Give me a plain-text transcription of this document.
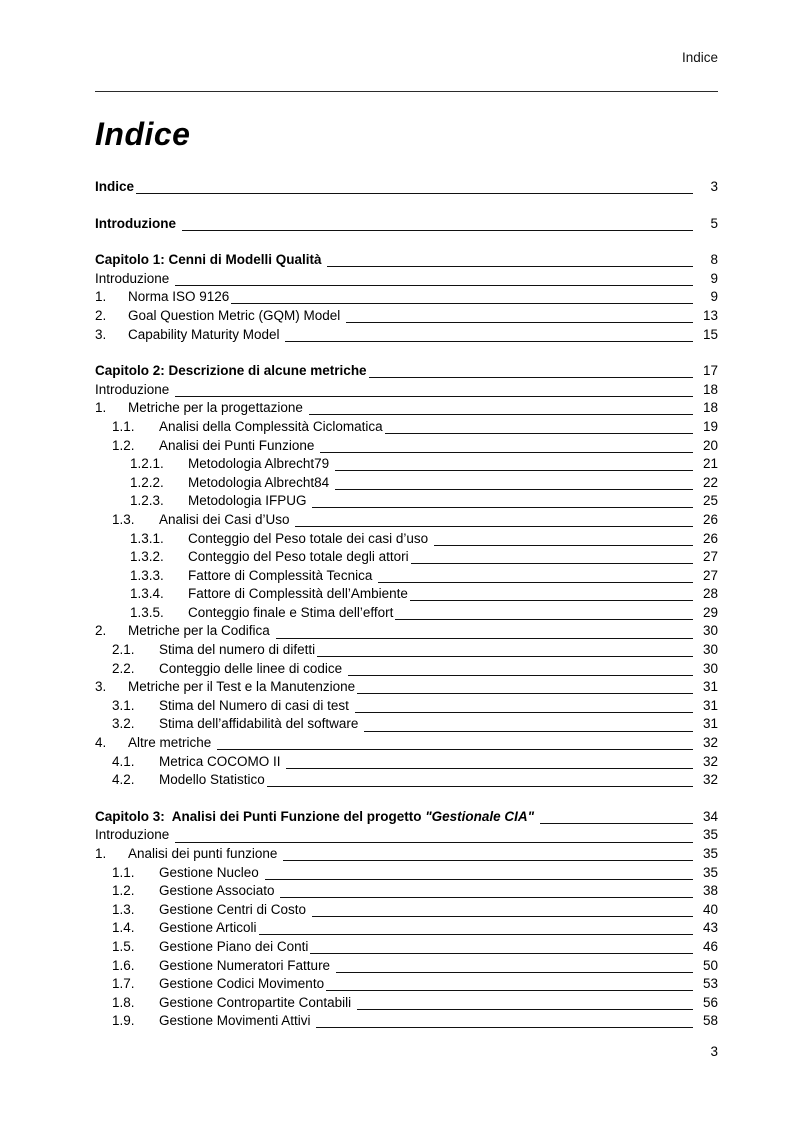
Indice
Indice
Indice	3
Introduzione	5
Capitolo 1: Cenni di Modelli Qualità	8
Introduzione	9
1.	Norma ISO 9126	9
2.	Goal Question Metric (GQM) Model	13
3.	Capability Maturity Model	15
Capitolo 2: Descrizione di alcune metriche	17
Introduzione	18
1.	Metriche per la progettazione	18
1.1.	Analisi della Complessità Ciclomatica	19
1.2.	Analisi dei Punti Funzione	20
1.2.1.	Metodologia Albrecht79	21
1.2.2.	Metodologia Albrecht84	22
1.2.3.	Metodologia IFPUG	25
1.3.	Analisi dei Casi d’Uso	26
1.3.1.	Conteggio del Peso totale dei casi d’uso	26
1.3.2.	Conteggio del Peso totale degli attori	27
1.3.3.	Fattore di Complessità Tecnica	27
1.3.4.	Fattore di Complessità dell’Ambiente	28
1.3.5.	Conteggio finale e Stima dell’effort	29
2.	Metriche per la Codifica	30
2.1.	Stima del numero di difetti	30
2.2.	Conteggio delle linee di codice	30
3.	Metriche per il Test e la Manutenzione	31
3.1.	Stima del Numero di casi di test	31
3.2.	Stima dell’affidabilità del software	31
4.	Altre metriche	32
4.1.	Metrica COCOMO II	32
4.2.	Modello Statistico	32
Capitolo 3:  Analisi dei Punti Funzione del progetto "Gestionale CIA"	34
Introduzione	35
1.	Analisi dei punti funzione	35
1.1.	Gestione Nucleo	35
1.2.	Gestione Associato	38
1.3.	Gestione Centri di Costo	40
1.4.	Gestione Articoli	43
1.5.	Gestione Piano dei Conti	46
1.6.	Gestione Numeratori Fatture	50
1.7.	Gestione Codici Movimento	53
1.8.	Gestione Contropartite Contabili	56
1.9.	Gestione Movimenti Attivi	58
3
